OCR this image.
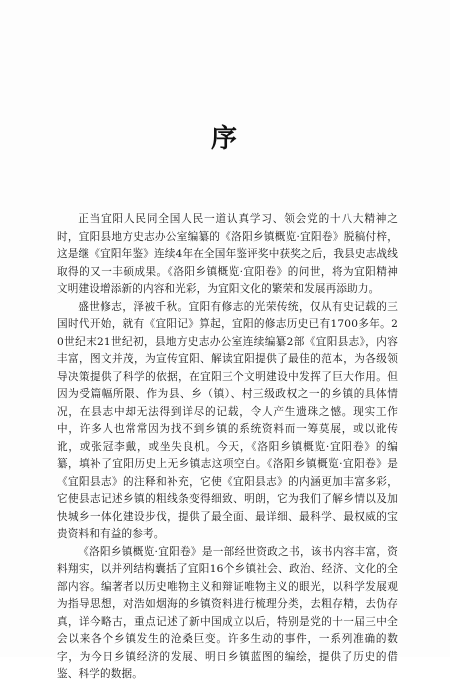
序

正当宜阳人民同全国人民一道认真学习、领会党的十八大精神之时，宜阳县地方史志办公室编纂的《洛阳乡镇概览·宜阳卷》脱稿付梓，这是继《宜阳年鉴》连续4年在全国年鉴评奖中获奖之后，我县史志战线取得的又一丰硕成果。《洛阳乡镇概览·宜阳卷》的问世，将为宜阳精神文明建设增添新的内容和光彩，为宜阳文化的繁荣和发展再添助力。

盛世修志，泽被千秋。宜阳有修志的光荣传统，仅从有史记载的三国时代开始，就有《宜阳记》算起，宜阳的修志历史已有1700多年。20世纪末21世纪初，县地方史志办公室连续编纂2部《宜阳县志》，内容丰富，图文并茂，为宣传宜阳、解读宜阳提供了最佳的范本，为各级领导决策提供了科学的依据，在宜阳三个文明建设中发挥了巨大作用。但因为受篇幅所限、作为县、乡（镇）、村三级政权之一的乡镇的具体情况，在县志中却无法得到详尽的记载，令人产生遗珠之憾。现实工作中，许多人也常常因为找不到乡镇的系统资料而一筹莫展，或以讹传讹，或张冠李戴，或坐失良机。今天，《洛阳乡镇概览·宜阳卷》的编纂，填补了宜阳历史上无乡镇志这项空白。《洛阳乡镇概览·宜阳卷》是《宜阳县志》的注释和补充，它使《宜阳县志》的内涵更加丰富多彩，它使县志记述乡镇的粗线条变得细致、明朗，它为我们了解乡情以及加快城乡一体化建设步伐，提供了最全面、最详细、最科学、最权威的宝贵资料和有益的参考。

《洛阳乡镇概览·宜阳卷》是一部经世资政之书，该书内容丰富，资料翔实，以并列结构囊括了宜阳16个乡镇社会、政治、经济、文化的全部内容。编著者以历史唯物主义和辩证唯物主义的眼光，以科学发展观为指导思想，对浩如烟海的乡镇资料进行梳理分类，去粗存精，去伪存真，详今略古，重点记述了新中国成立以后，特别是党的十一届三中全会以来各个乡镇发生的沧桑巨变。许多生动的事件，一系列准确的数字，为今日乡镇经济的发展、明日乡镇蓝图的编绘，提供了历史的借鉴、科学的数据。
